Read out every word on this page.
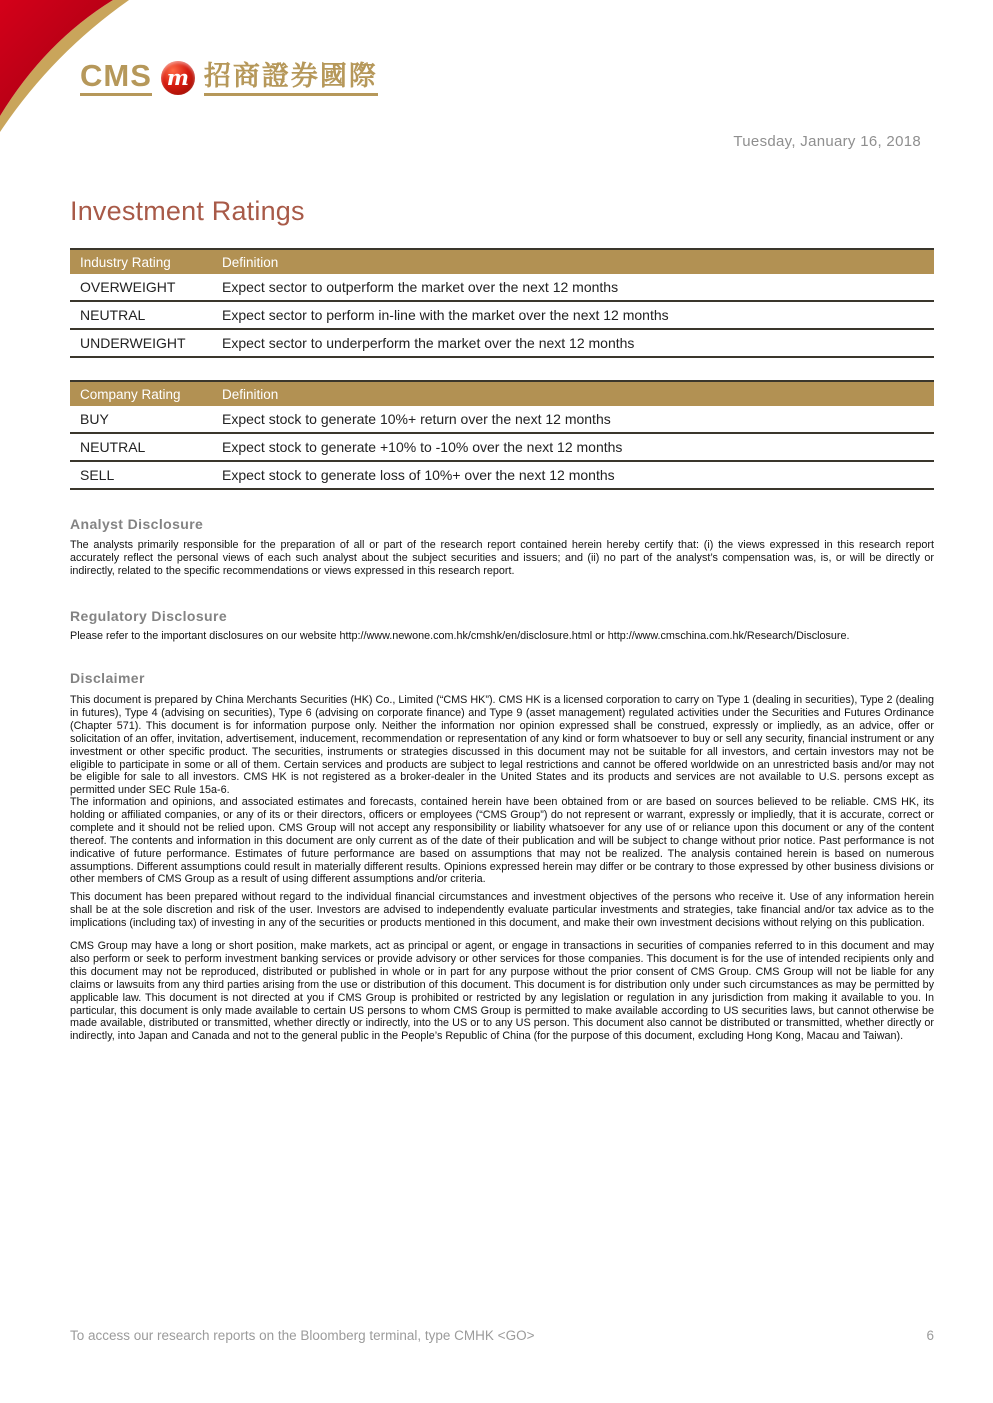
CMS m 招商證券國際
Tuesday, January 16, 2018
Investment Ratings
Industry Rating	Definition
OVERWEIGHT	Expect sector to outperform the market over the next 12 months
NEUTRAL	Expect sector to perform in-line with the market over the next 12 months
UNDERWEIGHT	Expect sector to underperform the market over the next 12 months
Company Rating	Definition
BUY	Expect stock to generate 10%+ return over the next 12 months
NEUTRAL	Expect stock to generate +10% to -10% over the next 12 months
SELL	Expect stock to generate loss of 10%+ over the next 12 months
Analyst Disclosure
The analysts primarily responsible for the preparation of all or part of the research report contained herein hereby certify that: (i) the views expressed in this research report accurately reflect the personal views of each such analyst about the subject securities and issuers; and (ii) no part of the analyst’s compensation was, is, or will be directly or indirectly, related to the specific recommendations or views expressed in this research report.
Regulatory Disclosure
Please refer to the important disclosures on our website http://www.newone.com.hk/cmshk/en/disclosure.html or http://www.cmschina.com.hk/Research/Disclosure.
Disclaimer
This document is prepared by China Merchants Securities (HK) Co., Limited (“CMS HK”). CMS HK is a licensed corporation to carry on Type 1 (dealing in securities), Type 2 (dealing in futures), Type 4 (advising on securities), Type 6 (advising on corporate finance) and Type 9 (asset management) regulated activities under the Securities and Futures Ordinance (Chapter 571). This document is for information purpose only. Neither the information nor opinion expressed shall be construed, expressly or impliedly, as an advice, offer or solicitation of an offer, invitation, advertisement, inducement, recommendation or representation of any kind or form whatsoever to buy or sell any security, financial instrument or any investment or other specific product. The securities, instruments or strategies discussed in this document may not be suitable for all investors, and certain investors may not be eligible to participate in some or all of them. Certain services and products are subject to legal restrictions and cannot be offered worldwide on an unrestricted basis and/or may not be eligible for sale to all investors. CMS HK is not registered as a broker-dealer in the United States and its products and services are not available to U.S. persons except as permitted under SEC Rule 15a-6.
The information and opinions, and associated estimates and forecasts, contained herein have been obtained from or are based on sources believed to be reliable. CMS HK, its holding or affiliated companies, or any of its or their directors, officers or employees (“CMS Group”) do not represent or warrant, expressly or impliedly, that it is accurate, correct or complete and it should not be relied upon. CMS Group will not accept any responsibility or liability whatsoever for any use of or reliance upon this document or any of the content thereof. The contents and information in this document are only current as of the date of their publication and will be subject to change without prior notice. Past performance is not indicative of future performance. Estimates of future performance are based on assumptions that may not be realized. The analysis contained herein is based on numerous assumptions. Different assumptions could result in materially different results. Opinions expressed herein may differ or be contrary to those expressed by other business divisions or other members of CMS Group as a result of using different assumptions and/or criteria.
This document has been prepared without regard to the individual financial circumstances and investment objectives of the persons who receive it. Use of any information herein shall be at the sole discretion and risk of the user. Investors are advised to independently evaluate particular investments and strategies, take financial and/or tax advice as to the implications (including tax) of investing in any of the securities or products mentioned in this document, and make their own investment decisions without relying on this publication.
CMS Group may have a long or short position, make markets, act as principal or agent, or engage in transactions in securities of companies referred to in this document and may also perform or seek to perform investment banking services or provide advisory or other services for those companies. This document is for the use of intended recipients only and this document may not be reproduced, distributed or published in whole or in part for any purpose without the prior consent of CMS Group. CMS Group will not be liable for any claims or lawsuits from any third parties arising from the use or distribution of this document. This document is for distribution only under such circumstances as may be permitted by applicable law. This document is not directed at you if CMS Group is prohibited or restricted by any legislation or regulation in any jurisdiction from making it available to you. In particular, this document is only made available to certain US persons to whom CMS Group is permitted to make available according to US securities laws, but cannot otherwise be made available, distributed or transmitted, whether directly or indirectly, into the US or to any US person. This document also cannot be distributed or transmitted, whether directly or indirectly, into Japan and Canada and not to the general public in the People’s Republic of China (for the purpose of this document, excluding Hong Kong, Macau and Taiwan).
To access our research reports on the Bloomberg terminal, type CMHK <GO>	6
